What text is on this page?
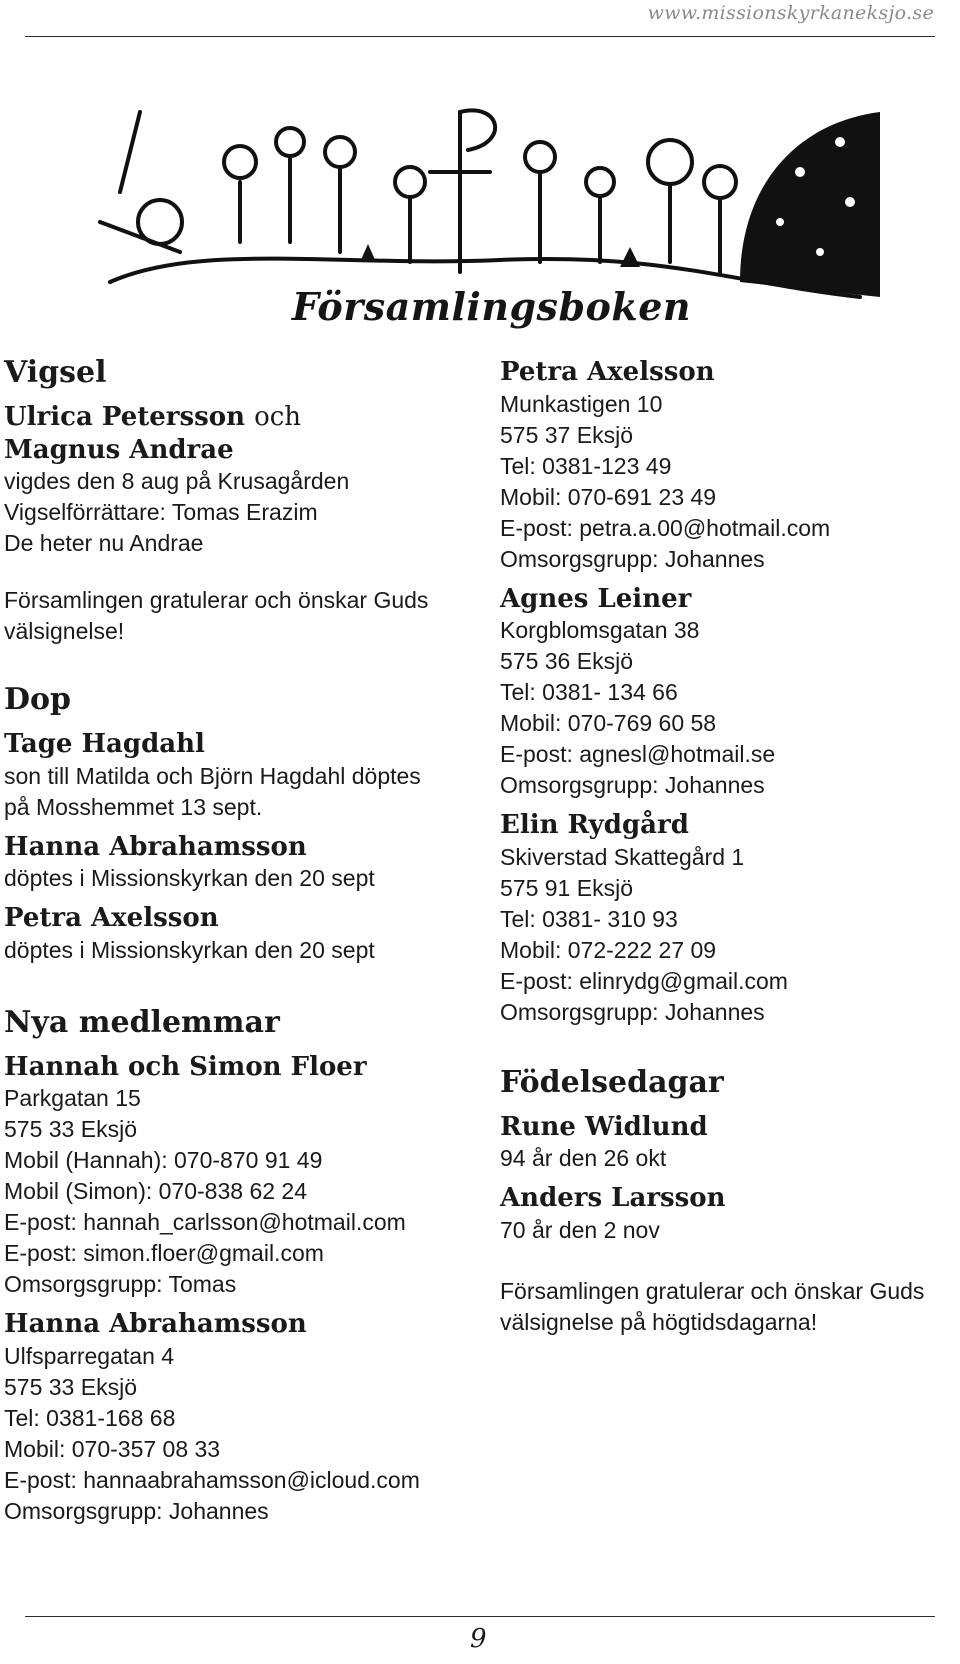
www.missionskyrkaneksjo.se
Församlingsboken
Vigsel
Ulrica Petersson och
Magnus Andrae

vigdes den 8 aug på Krusagården

Vigselförrättare: Tomas Erazim

De heter nu Andrae

Församlingen gratulerar och önskar Guds

välsignelse!

Dop
Tage Hagdahl

son till Matilda och Björn Hagdahl döptes

på Mosshemmet 13 sept.

Hanna Abrahamsson

döptes i Missionskyrkan den 20 sept

Petra Axelsson

döptes i Missionskyrkan den 20 sept

Nya medlemmar
Hannah och Simon Floer

Parkgatan 15

575 33 Eksjö

Mobil (Hannah): 070-870 91 49

Mobil (Simon): 070-838 62 24

E-post: hannah_carlsson@hotmail.com

E-post: simon.floer@gmail.com

Omsorgsgrupp: Tomas

Hanna Abrahamsson

Ulfsparregatan 4

575 33 Eksjö

Tel: 0381-168 68

Mobil: 070-357 08 33

E-post: hannaabrahamsson@icloud.com

Omsorgsgrupp: Johannes

Petra Axelsson

Munkastigen 10

575 37 Eksjö

Tel: 0381-123 49

Mobil: 070-691 23 49

E-post: petra.a.00@hotmail.com

Omsorgsgrupp: Johannes

Agnes Leiner

Korgblomsgatan 38

575 36 Eksjö

Tel: 0381- 134 66

Mobil: 070-769 60 58

E-post: agnesl@hotmail.se

Omsorgsgrupp: Johannes

Elin Rydgård

Skiverstad Skattegård 1

575 91 Eksjö

Tel: 0381- 310 93

Mobil: 072-222 27 09

E-post: elinrydg@gmail.com

Omsorgsgrupp: Johannes

Födelsedagar
Rune Widlund

94 år den 26 okt

Anders Larsson

70 år den 2 nov

Församlingen gratulerar och önskar Guds

välsignelse på högtidsdagarna!

9
